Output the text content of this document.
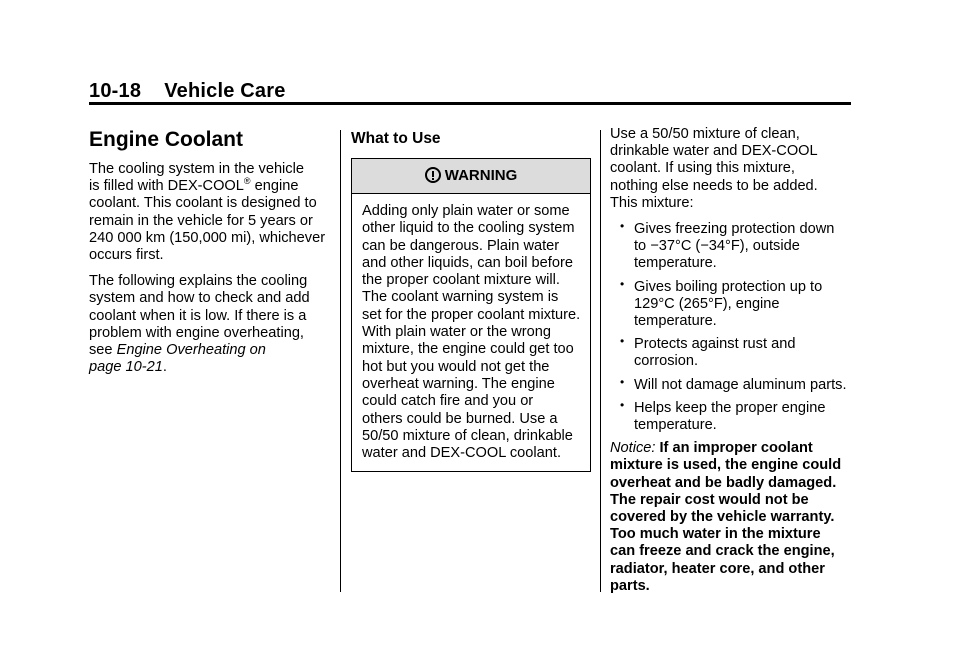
10-18 Vehicle Care
Engine Coolant

The cooling system in the vehicle
is filled with DEX-COOL® engine
coolant. This coolant is designed to
remain in the vehicle for 5 years or
240 000 km (150,000 mi), whichever
occurs first.

The following explains the cooling
system and how to check and add
coolant when it is low. If there is a
problem with engine overheating,
see Engine Overheating on
page 10-21.

What to Use
WARNING
Adding only plain water or some
other liquid to the cooling system
can be dangerous. Plain water
and other liquids, can boil before
the proper coolant mixture will.
The coolant warning system is
set for the proper coolant mixture.
With plain water or the wrong
mixture, the engine could get too
hot but you would not get the
overheat warning. The engine
could catch fire and you or
others could be burned. Use a
50/50 mixture of clean, drinkable
water and DEX-COOL coolant.

Use a 50/50 mixture of clean,
drinkable water and DEX-COOL
coolant. If using this mixture,
nothing else needs to be added.
This mixture:

• Gives freezing protection down
to −37°C (−34°F), outside
temperature.
• Gives boiling protection up to
129°C (265°F), engine
temperature.
• Protects against rust and
corrosion.
• Will not damage aluminum parts.
• Helps keep the proper engine
temperature.

Notice: If an improper coolant
mixture is used, the engine could
overheat and be badly damaged.
The repair cost would not be
covered by the vehicle warranty.
Too much water in the mixture
can freeze and crack the engine,
radiator, heater core, and other
parts.
